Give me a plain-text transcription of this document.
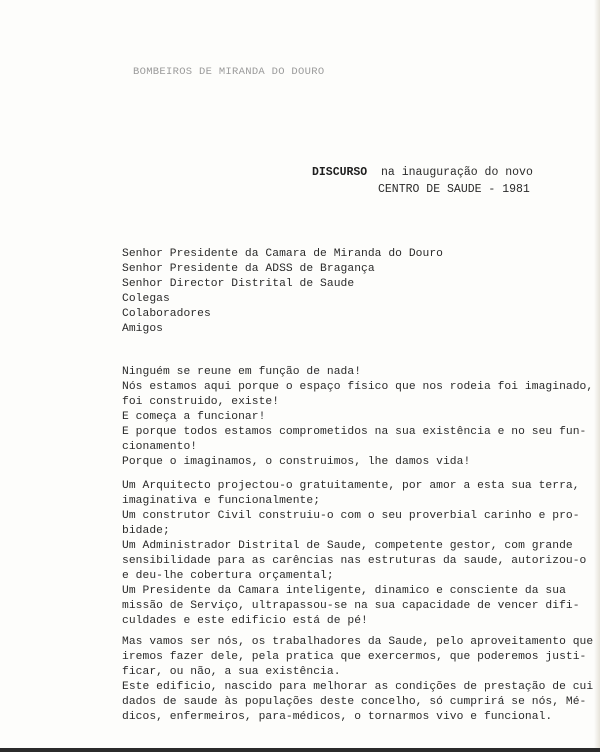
BOMBEIROS DE MIRANDA DO DOURO
DISCURSO na inauguração do novo
CENTRO DE SAUDE - 1981
Senhor Presidente da Camara de Miranda do Douro
Senhor Presidente da ADSS de Bragança
Senhor Director Distrital de Saude
Colegas
Colaboradores
Amigos
Ninguém se reune em função de nada!
Nós estamos aqui porque o espaço físico que nos rodeia foi imaginado,
foi construido, existe!
E começa a funcionar!
E porque todos estamos comprometidos na sua existência e no seu fun-
cionamento!
Porque o imaginamos, o construimos, lhe damos vida!
Um Arquitecto projectou-o gratuitamente, por amor a esta sua terra,
imaginativa e funcionalmente;
Um construtor Civil construiu-o com o seu proverbial carinho e pro-
bidade;
Um Administrador Distrital de Saude, competente gestor, com grande
sensibilidade para as carências nas estruturas da saude, autorizou-o
e deu-lhe cobertura orçamental;
Um Presidente da Camara inteligente, dinamico e consciente da sua
missão de Serviço, ultrapassou-se na sua capacidade de vencer difi-
culdades e este edificio está de pé!
Mas vamos ser nós, os trabalhadores da Saude, pelo aproveitamento que
iremos fazer dele, pela pratica que exercermos, que poderemos justi-
ficar, ou não, a sua existência.
Este edificio, nascido para melhorar as condições de prestação de cui
dados de saude às populações deste concelho, só cumprirá se nós, Mé-
dicos, enfermeiros, para-médicos, o tornarmos vivo e funcional.
